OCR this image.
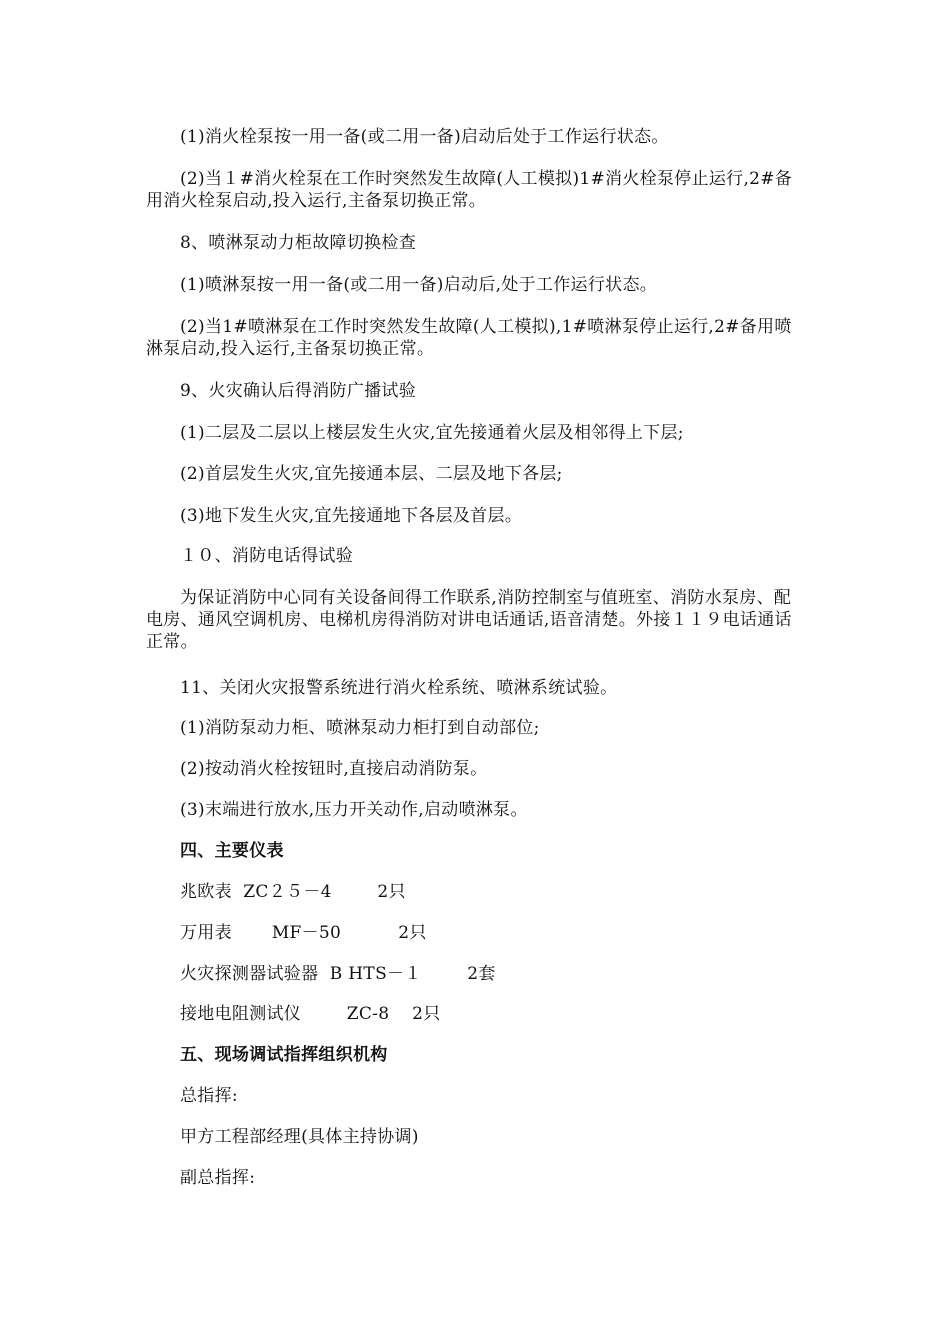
(1)消火栓泵按一用一备(或二用一备)启动后处于工作运行状态。

(2)当１#消火栓泵在工作时突然发生故障(人工模拟)1#消火栓泵停止运行,2#备用消火栓泵启动,投入运行,主备泵切换正常。

8、喷淋泵动力柜故障切换检查

(1)喷淋泵按一用一备(或二用一备)启动后,处于工作运行状态。

(2)当1#喷淋泵在工作时突然发生故障(人工模拟),1#喷淋泵停止运行,2#备用喷淋泵启动,投入运行,主备泵切换正常。

9、火灾确认后得消防广播试验

(1)二层及二层以上楼层发生火灾,宜先接通着火层及相邻得上下层;

(2)首层发生火灾,宜先接通本层、二层及地下各层;

(3)地下发生火灾,宜先接通地下各层及首层。

１０、消防电话得试验

为保证消防中心同有关设备间得工作联系,消防控制室与值班室、消防水泵房、配电房、通风空调机房、电梯机房得消防对讲电话通话,语音清楚。外接１１９电话通话正常。

11、关闭火灾报警系统进行消火栓系统、喷淋系统试验。

(1)消防泵动力柜、喷淋泵动力柜打到自动部位;

(2)按动消火栓按钮时,直接启动消防泵。

(3)末端进行放水,压力开关动作,启动喷淋泵。

四、主要仪表

兆欧表  ZC２５－4        2只

万用表       MF－50          2只

火灾探测器试验器  B HTS－１        2套

接地电阻测试仪        ZC-8    2只

五、现场调试指挥组织机构

总指挥:

甲方工程部经理(具体主持协调)

副总指挥:
